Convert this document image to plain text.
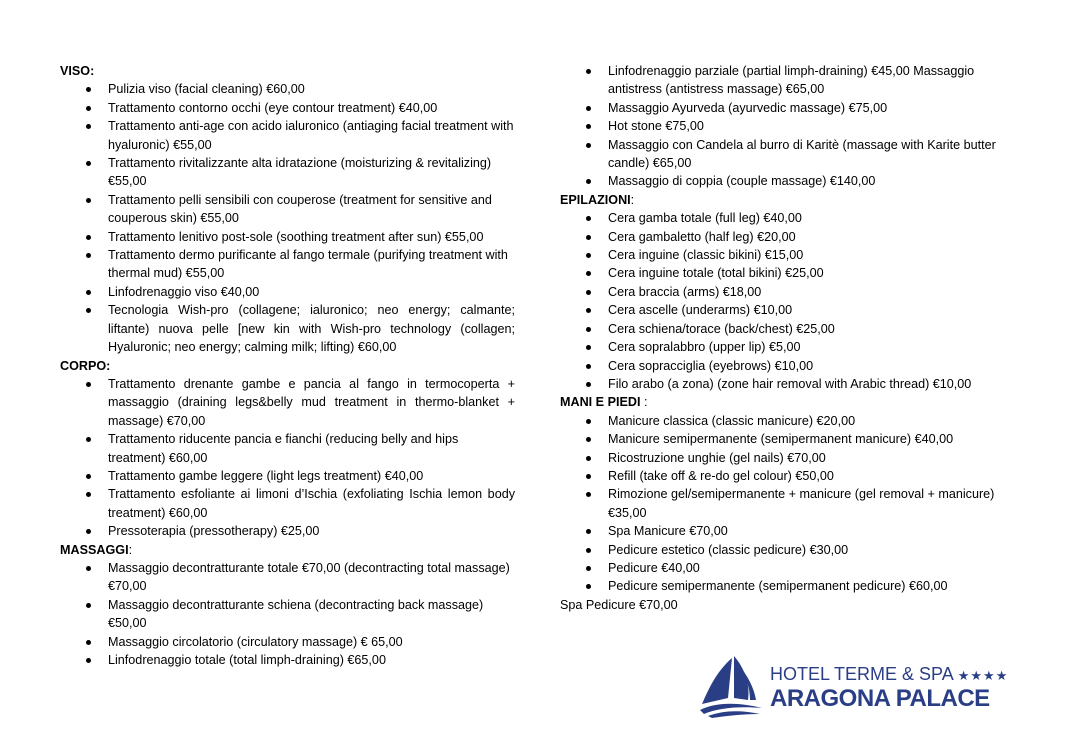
VISO:
Pulizia viso (facial cleaning) €60,00
Trattamento contorno occhi (eye contour treatment) €40,00
Trattamento anti-age con acido ialuronico (antiaging facial treatment with hyaluronic) €55,00
Trattamento rivitalizzante alta idratazione (moisturizing & revitalizing) €55,00
Trattamento pelli sensibili con couperose (treatment for sensitive and couperous skin) €55,00
Trattamento lenitivo post-sole (soothing treatment after sun) €55,00
Trattamento dermo purificante al fango termale (purifying treatment with thermal mud) €55,00
Linfodrenaggio viso €40,00
Tecnologia Wish-pro (collagene; ialuronico; neo energy; calmante; liftante) nuova pelle [new kin with Wish-pro technology (collagen; Hyaluronic; neo energy; calming milk; lifting) €60,00
CORPO:
Trattamento drenante gambe e pancia al fango in termocoperta + massaggio (draining legs&belly mud treatment in thermo-blanket + massage) €70,00
Trattamento riducente pancia e fianchi (reducing belly and hips treatment) €60,00
Trattamento gambe leggere (light legs treatment) €40,00
Trattamento esfoliante ai limoni d’Ischia (exfoliating Ischia lemon body treatment) €60,00
Pressoterapia (pressotherapy) €25,00
MASSAGGI:
Massaggio decontratturante totale €70,00 (decontracting total massage) €70,00
Massaggio decontratturante schiena (decontracting back massage) €50,00
Massaggio circolatorio (circulatory massage) € 65,00
Linfodrenaggio totale (total limph-draining) €65,00
Linfodrenaggio parziale (partial limph-draining) €45,00 Massaggio antistress (antistress massage) €65,00
Massaggio Ayurveda (ayurvedic massage) €75,00
Hot stone €75,00
Massaggio con Candela al burro di Karitè (massage with Karite butter candle) €65,00
Massaggio di coppia (couple massage) €140,00
EPILAZIONI:
Cera gamba totale (full leg) €40,00
Cera gambaletto (half leg) €20,00
Cera inguine (classic bikini) €15,00
Cera inguine totale (total bikini) €25,00
Cera braccia (arms) €18,00
Cera ascelle (underarms) €10,00
Cera schiena/torace (back/chest) €25,00
Cera sopralabbro (upper lip) €5,00
Cera sopracciglia (eyebrows) €10,00
Filo arabo (a zona) (zone hair removal with Arabic thread) €10,00
MANI E PIEDI :
Manicure classica (classic manicure) €20,00
Manicure semipermanente (semipermanent manicure) €40,00
Ricostruzione unghie (gel nails) €70,00
Refill (take off & re-do gel colour) €50,00
Rimozione gel/semipermanente + manicure (gel removal + manicure) €35,00
Spa Manicure €70,00
Pedicure estetico (classic pedicure) €30,00
Pedicure €40,00
Pedicure semipermanente (semipermanent pedicure) €60,00

Spa Pedicure €70,00

HOTEL TERME & SPA ★★★★
ARAGONA PALACE
